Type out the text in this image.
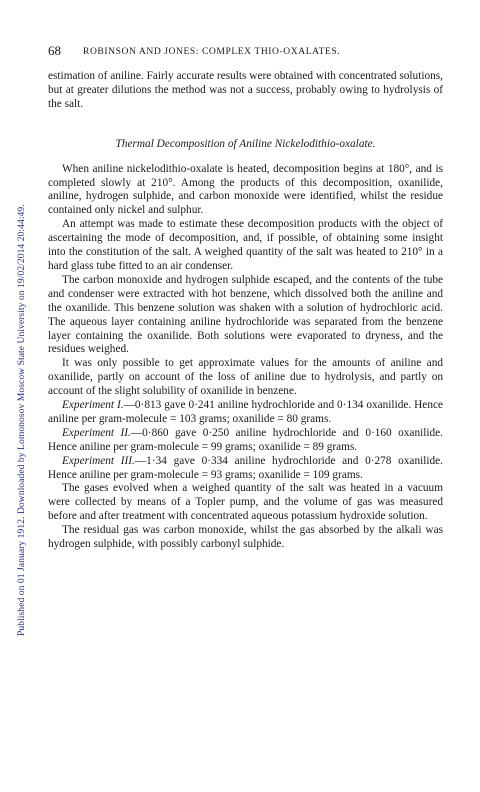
Published on 01 January 1912. Downloaded by Lomonosov Moscow State University on 19/02/2014 20:44:49.
68 ROBINSON AND JONES: COMPLEX THIO-OXALATES.

estimation of aniline. Fairly accurate results were obtained with concentrated solutions, but at greater dilutions the method was not a success, probably owing to hydrolysis of the salt.

Thermal Decomposition of Aniline Nickelodithio-oxalate.

When aniline nickelodithio-oxalate is heated, decomposition begins at 180°, and is completed slowly at 210°. Among the products of this decomposition, oxanilide, aniline, hydrogen sulphide, and carbon monoxide were identified, whilst the residue contained only nickel and sulphur.

An attempt was made to estimate these decomposition products with the object of ascertaining the mode of decomposition, and, if possible, of obtaining some insight into the constitution of the salt. A weighed quantity of the salt was heated to 210° in a hard glass tube fitted to an air condenser.

The carbon monoxide and hydrogen sulphide escaped, and the contents of the tube and condenser were extracted with hot benzene, which dissolved both the aniline and the oxanilide. This benzene solution was shaken with a solution of hydrochloric acid. The aqueous layer containing aniline hydrochloride was separated from the benzene layer containing the oxanilide. Both solutions were evaporated to dryness, and the residues weighed.

It was only possible to get approximate values for the amounts of aniline and oxanilide, partly on account of the loss of aniline due to hydrolysis, and partly on account of the slight solubility of oxanilide in benzene.

Experiment I.—0·813 gave 0·241 aniline hydrochloride and 0·134 oxanilide. Hence aniline per gram-molecule = 103 grams; oxanilide = 80 grams.

Experiment II.—0·860 gave 0·250 aniline hydrochloride and 0·160 oxanilide. Hence aniline per gram-molecule = 99 grams; oxanilide = 89 grams.

Experiment III.—1·34 gave 0·334 aniline hydrochloride and 0·278 oxanilide. Hence aniline per gram-molecule = 93 grams; oxanilide = 109 grams.

The gases evolved when a weighed quantity of the salt was heated in a vacuum were collected by means of a Topler pump, and the volume of gas was measured before and after treatment with concentrated aqueous potassium hydroxide solution.

The residual gas was carbon monoxide, whilst the gas absorbed by the alkali was hydrogen sulphide, with possibly carbonyl sulphide.
